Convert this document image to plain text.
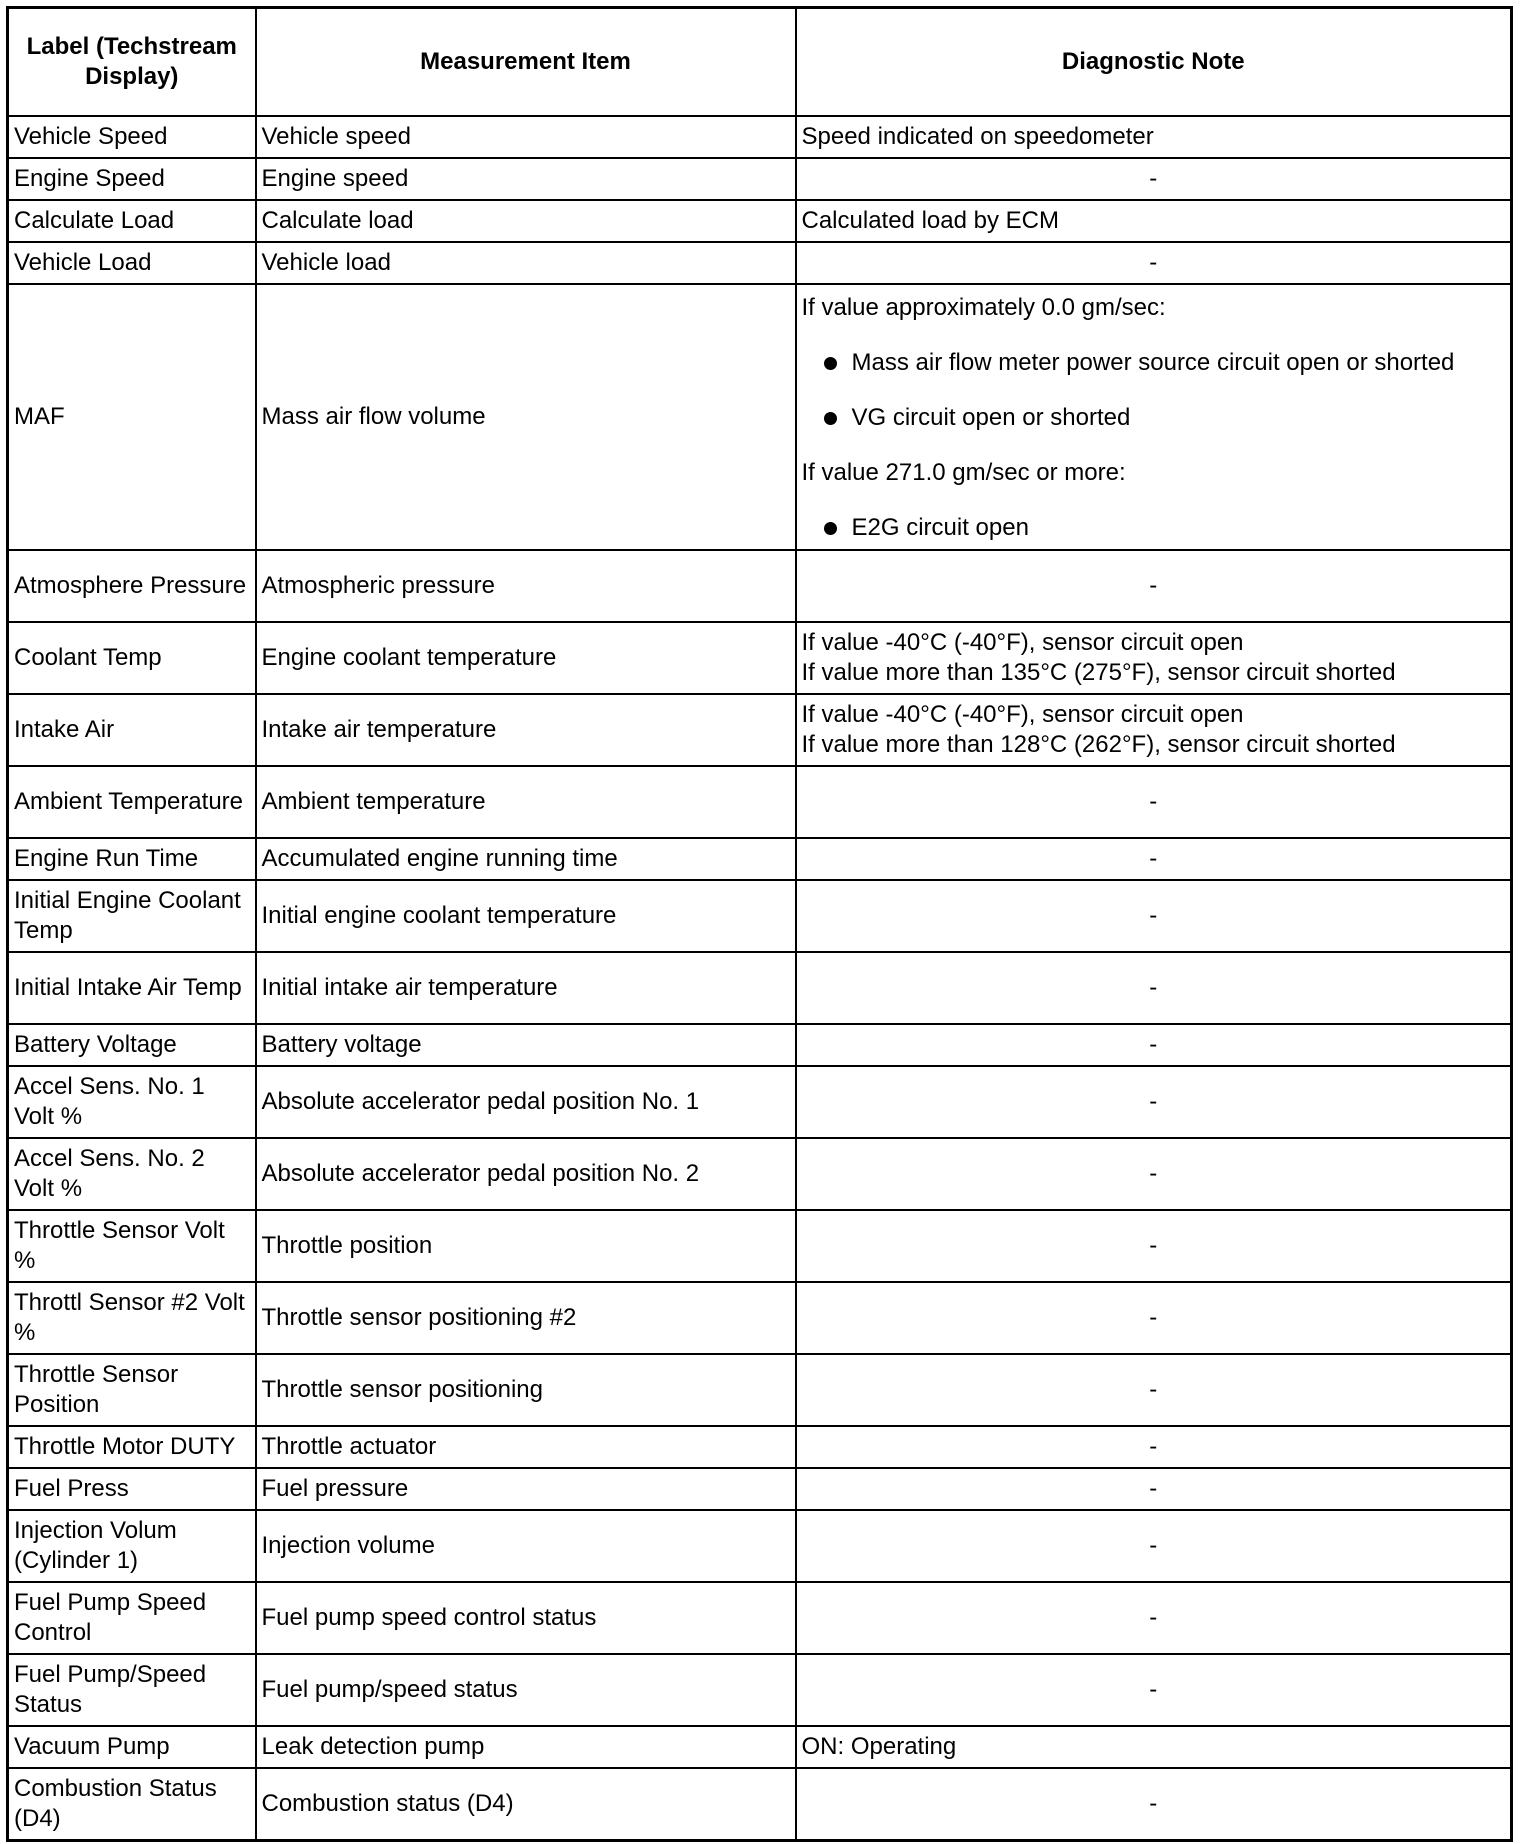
Label (Techstream Display)	Measurement Item	Diagnostic Note
Vehicle Speed	Vehicle speed	Speed indicated on speedometer
Engine Speed	Engine speed	-
Calculate Load	Calculate load	Calculated load by ECM
Vehicle Load	Vehicle load	-
MAF	Mass air flow volume	If value approximately 0.0 gm/sec:
Mass air flow meter power source circuit open or shorted
VG circuit open or shorted
If value 271.0 gm/sec or more:
E2G circuit open

Atmosphere Pressure	Atmospheric pressure	-
Coolant Temp	Engine coolant temperature	If value -40°C (-40°F), sensor circuit open
If value more than 135°C (275°F), sensor circuit shorted

Intake Air	Intake air temperature	If value -40°C (-40°F), sensor circuit open
If value more than 128°C (262°F), sensor circuit shorted

Ambient Temperature	Ambient temperature	-
Engine Run Time	Accumulated engine running time	-
Initial Engine Coolant Temp	Initial engine coolant temperature	-
Initial Intake Air Temp	Initial intake air temperature	-
Battery Voltage	Battery voltage	-
Accel Sens. No. 1 Volt %	Absolute accelerator pedal position No. 1	-
Accel Sens. No. 2 Volt %	Absolute accelerator pedal position No. 2	-
Throttle Sensor Volt %	Throttle position	-
Throttl Sensor #2 Volt %	Throttle sensor positioning #2	-
Throttle Sensor Position	Throttle sensor positioning	-
Throttle Motor DUTY	Throttle actuator	-
Fuel Press	Fuel pressure	-
Injection Volum (Cylinder 1)	Injection volume	-
Fuel Pump Speed Control	Fuel pump speed control status	-
Fuel Pump/Speed Status	Fuel pump/speed status	-
Vacuum Pump	Leak detection pump	ON: Operating
Combustion Status (D4)	Combustion status (D4)	-
